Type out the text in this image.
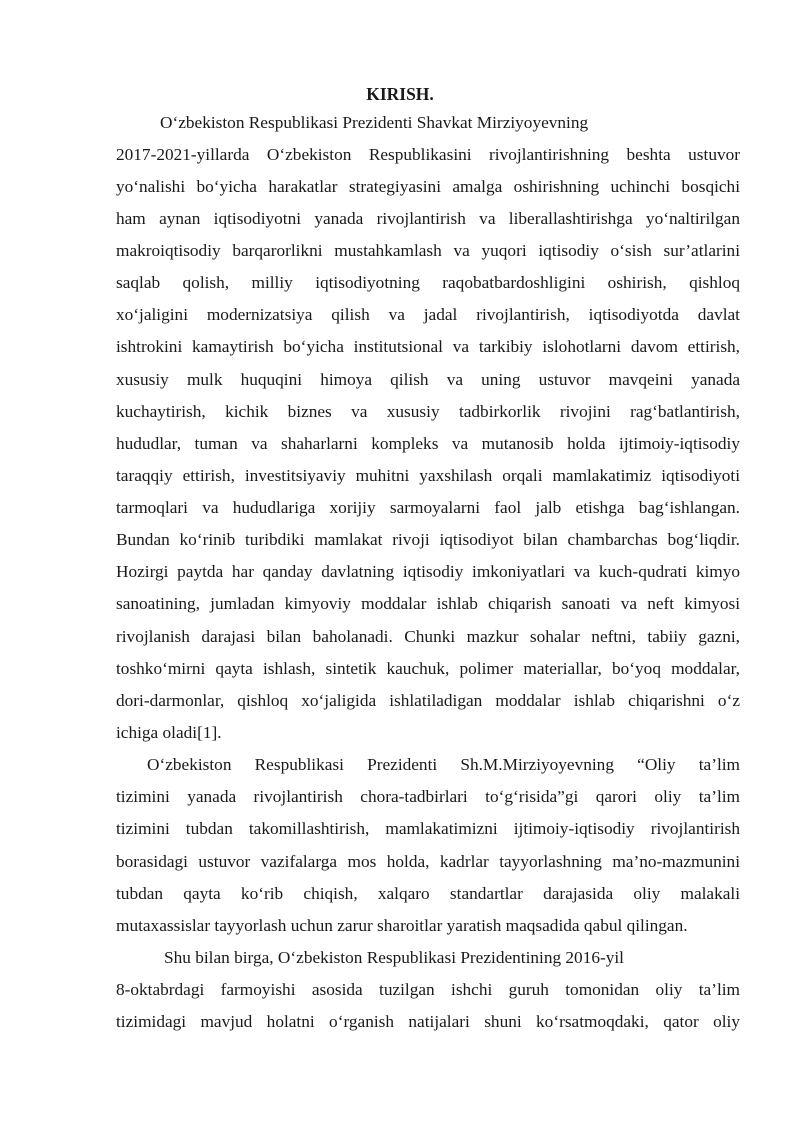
KIRISH.

O‘zbekiston Respublikasi Prezidenti Shavkat Mirziyoyevning

2017-2021-yillarda O‘zbekiston Respublikasini rivojlantirishning beshta ustuvor

yo‘nalishi bo‘yicha harakatlar strategiyasini amalga oshirishning uchinchi bosqichi

ham aynan iqtisodiyotni yanada rivojlantirish va liberallashtirishga yo‘naltirilgan

makroiqtisodiy barqarorlikni mustahkamlash va yuqori iqtisodiy o‘sish sur’atlarini

saqlab qolish, milliy iqtisodiyotning raqobatbardoshligini oshirish, qishloq

xo‘jaligini modernizatsiya qilish va jadal rivojlantirish, iqtisodiyotda davlat

ishtrokini kamaytirish bo‘yicha institutsional va tarkibiy islohotlarni davom ettirish,

xususiy mulk huquqini himoya qilish va uning ustuvor mavqeini yanada

kuchaytirish, kichik biznes va xususiy tadbirkorlik rivojini rag‘batlantirish,

hududlar, tuman va shaharlarni kompleks va mutanosib holda ijtimoiy-iqtisodiy

taraqqiy ettirish, investitsiyaviy muhitni yaxshilash orqali mamlakatimiz iqtisodiyoti

tarmoqlari va hududlariga xorijiy sarmoyalarni faol jalb etishga bag‘ishlangan.

Bundan ko‘rinib turibdiki mamlakat rivoji iqtisodiyot bilan chambarchas bog‘liqdir.

Hozirgi paytda har qanday davlatning iqtisodiy imkoniyatlari va kuch-qudrati kimyo

sanoatining, jumladan kimyoviy moddalar ishlab chiqarish sanoati va neft kimyosi

rivojlanish darajasi bilan baholanadi. Chunki mazkur sohalar neftni, tabiiy gazni,

toshko‘mirni qayta ishlash, sintetik kauchuk, polimer materiallar, bo‘yoq moddalar,

dori-darmonlar, qishloq xo‘jaligida ishlatiladigan moddalar ishlab chiqarishni o‘z

ichiga oladi[1].

O‘zbekiston Respublikasi Prezidenti Sh.M.Mirziyoyevning “Oliy ta’lim

tizimini yanada rivojlantirish chora-tadbirlari to‘g‘risida”gi qarori oliy ta’lim

tizimini tubdan takomillashtirish, mamlakatimizni ijtimoiy-iqtisodiy rivojlantirish

borasidagi ustuvor vazifalarga mos holda, kadrlar tayyorlashning ma’no-mazmunini

tubdan qayta ko‘rib chiqish, xalqaro standartlar darajasida oliy malakali

mutaxassislar tayyorlash uchun zarur sharoitlar yaratish maqsadida qabul qilingan.

Shu bilan birga, O‘zbekiston Respublikasi Prezidentining 2016-yil

8-oktabrdagi farmoyishi asosida tuzilgan ishchi guruh tomonidan oliy ta’lim

tizimidagi mavjud holatni o‘rganish natijalari shuni ko‘rsatmoqdaki, qator oliy
